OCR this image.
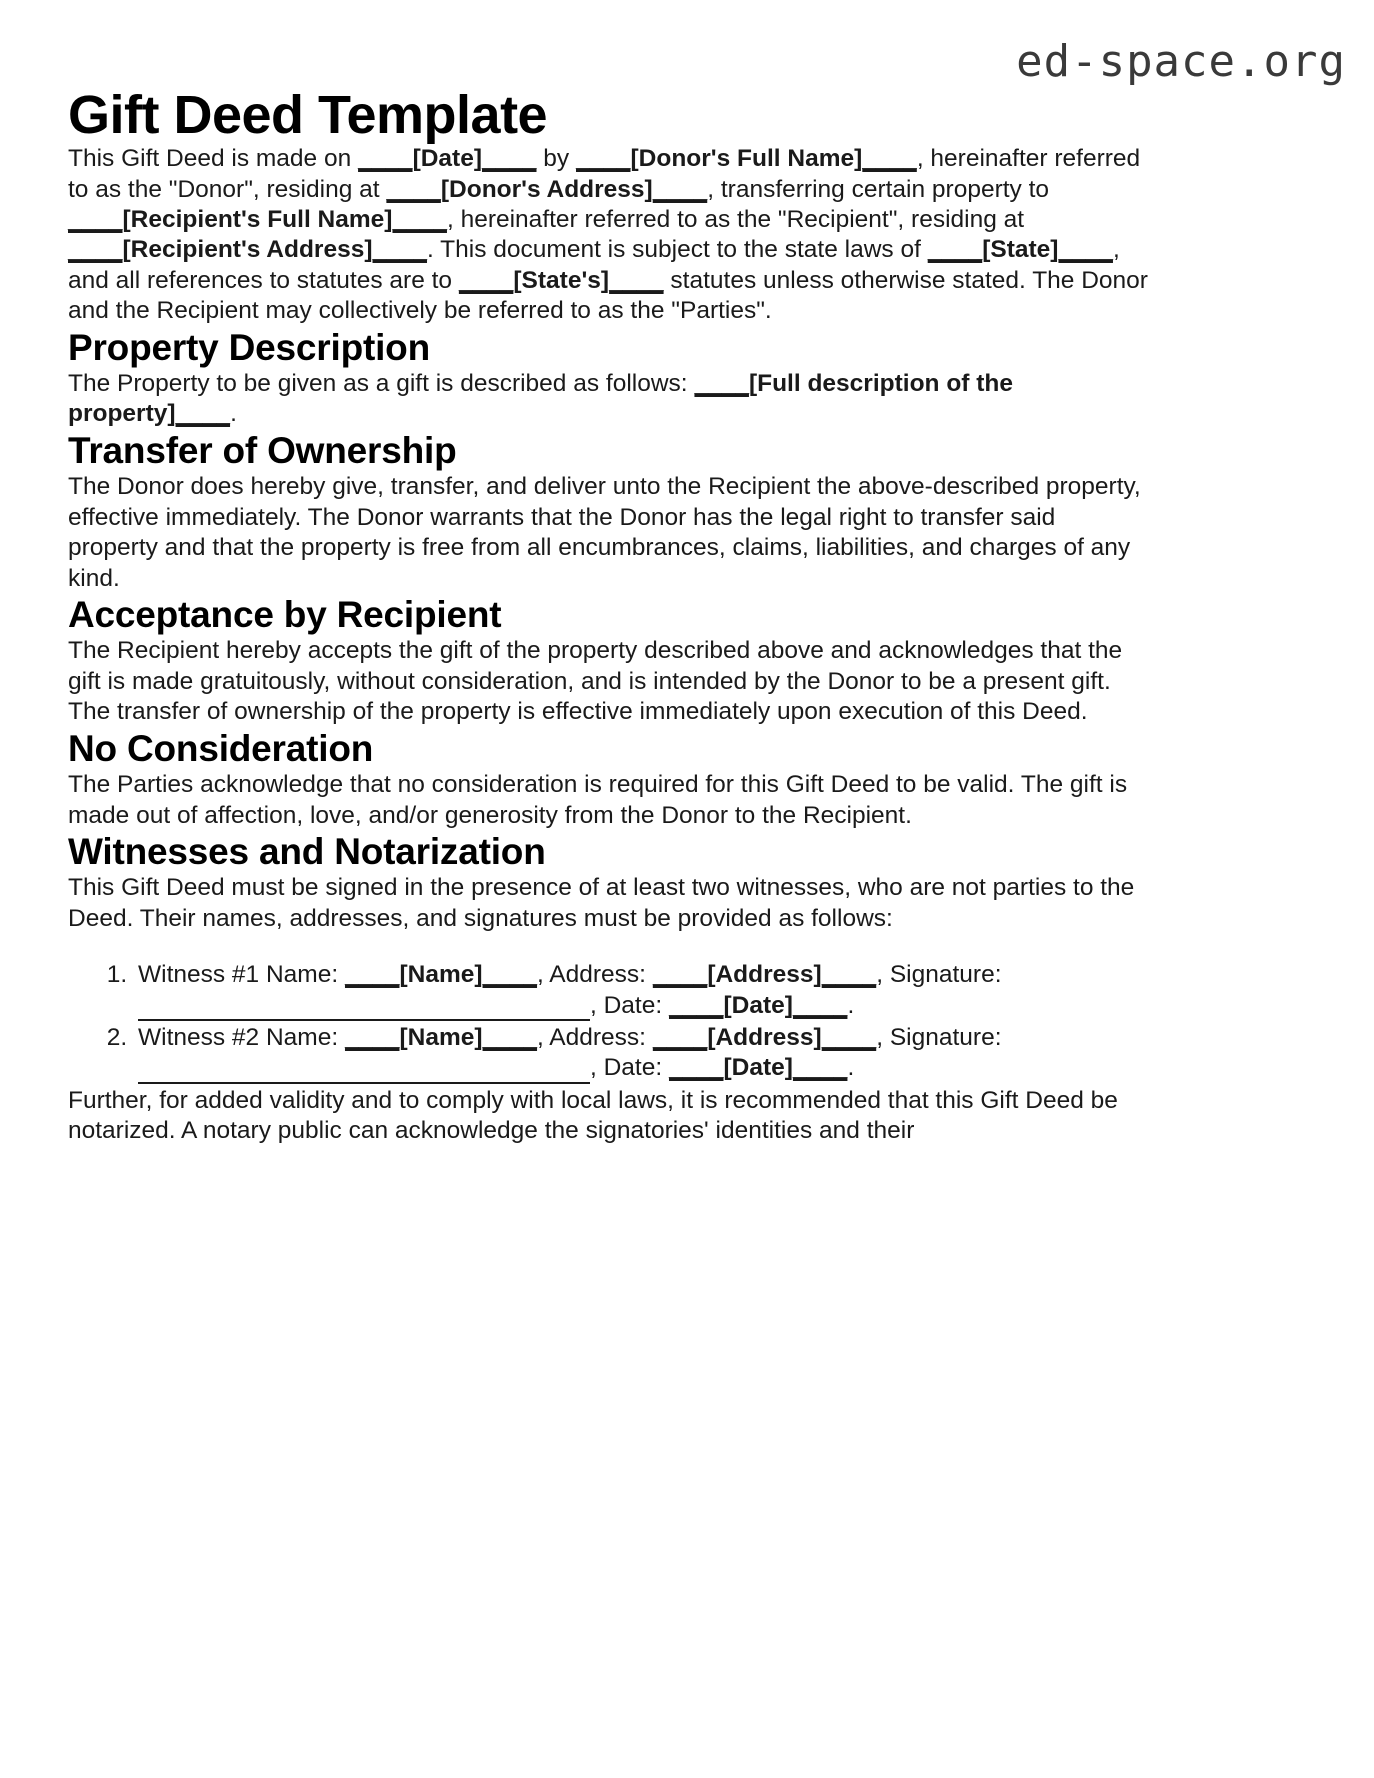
ed-space.org
Gift Deed Template

This Gift Deed is made on ____[Date]____ by ____[Donor's Full Name]____, hereinafter referred to as the "Donor", residing at ____[Donor's Address]____, transferring certain property to ____[Recipient's Full Name]____, hereinafter referred to as the "Recipient", residing at ____[Recipient's Address]____. This document is subject to the state laws of ____[State]____, and all references to statutes are to ____[State's]____ statutes unless otherwise stated. The Donor and the Recipient may collectively be referred to as the "Parties".

Property Description

The Property to be given as a gift is described as follows: ____[Full description of the property]____.

Transfer of Ownership

The Donor does hereby give, transfer, and deliver unto the Recipient the above-described property, effective immediately. The Donor warrants that the Donor has the legal right to transfer said property and that the property is free from all encumbrances, claims, liabilities, and charges of any kind.

Acceptance by Recipient

The Recipient hereby accepts the gift of the property described above and acknowledges that the gift is made gratuitously, without consideration, and is intended by the Donor to be a present gift. The transfer of ownership of the property is effective immediately upon execution of this Deed.

No Consideration

The Parties acknowledge that no consideration is required for this Gift Deed to be valid. The gift is made out of affection, love, and/or generosity from the Donor to the Recipient.

Witnesses and Notarization

This Gift Deed must be signed in the presence of at least two witnesses, who are not parties to the Deed. Their names, addresses, and signatures must be provided as follows:

1. Witness #1 Name: ____[Name]____, Address: ____[Address]____, Signature: , Date: ____[Date]____.
2. Witness #2 Name: ____[Name]____, Address: ____[Address]____, Signature: , Date: ____[Date]____.

Further, for added validity and to comply with local laws, it is recommended that this Gift Deed be notarized. A notary public can acknowledge the signatories' identities and their
